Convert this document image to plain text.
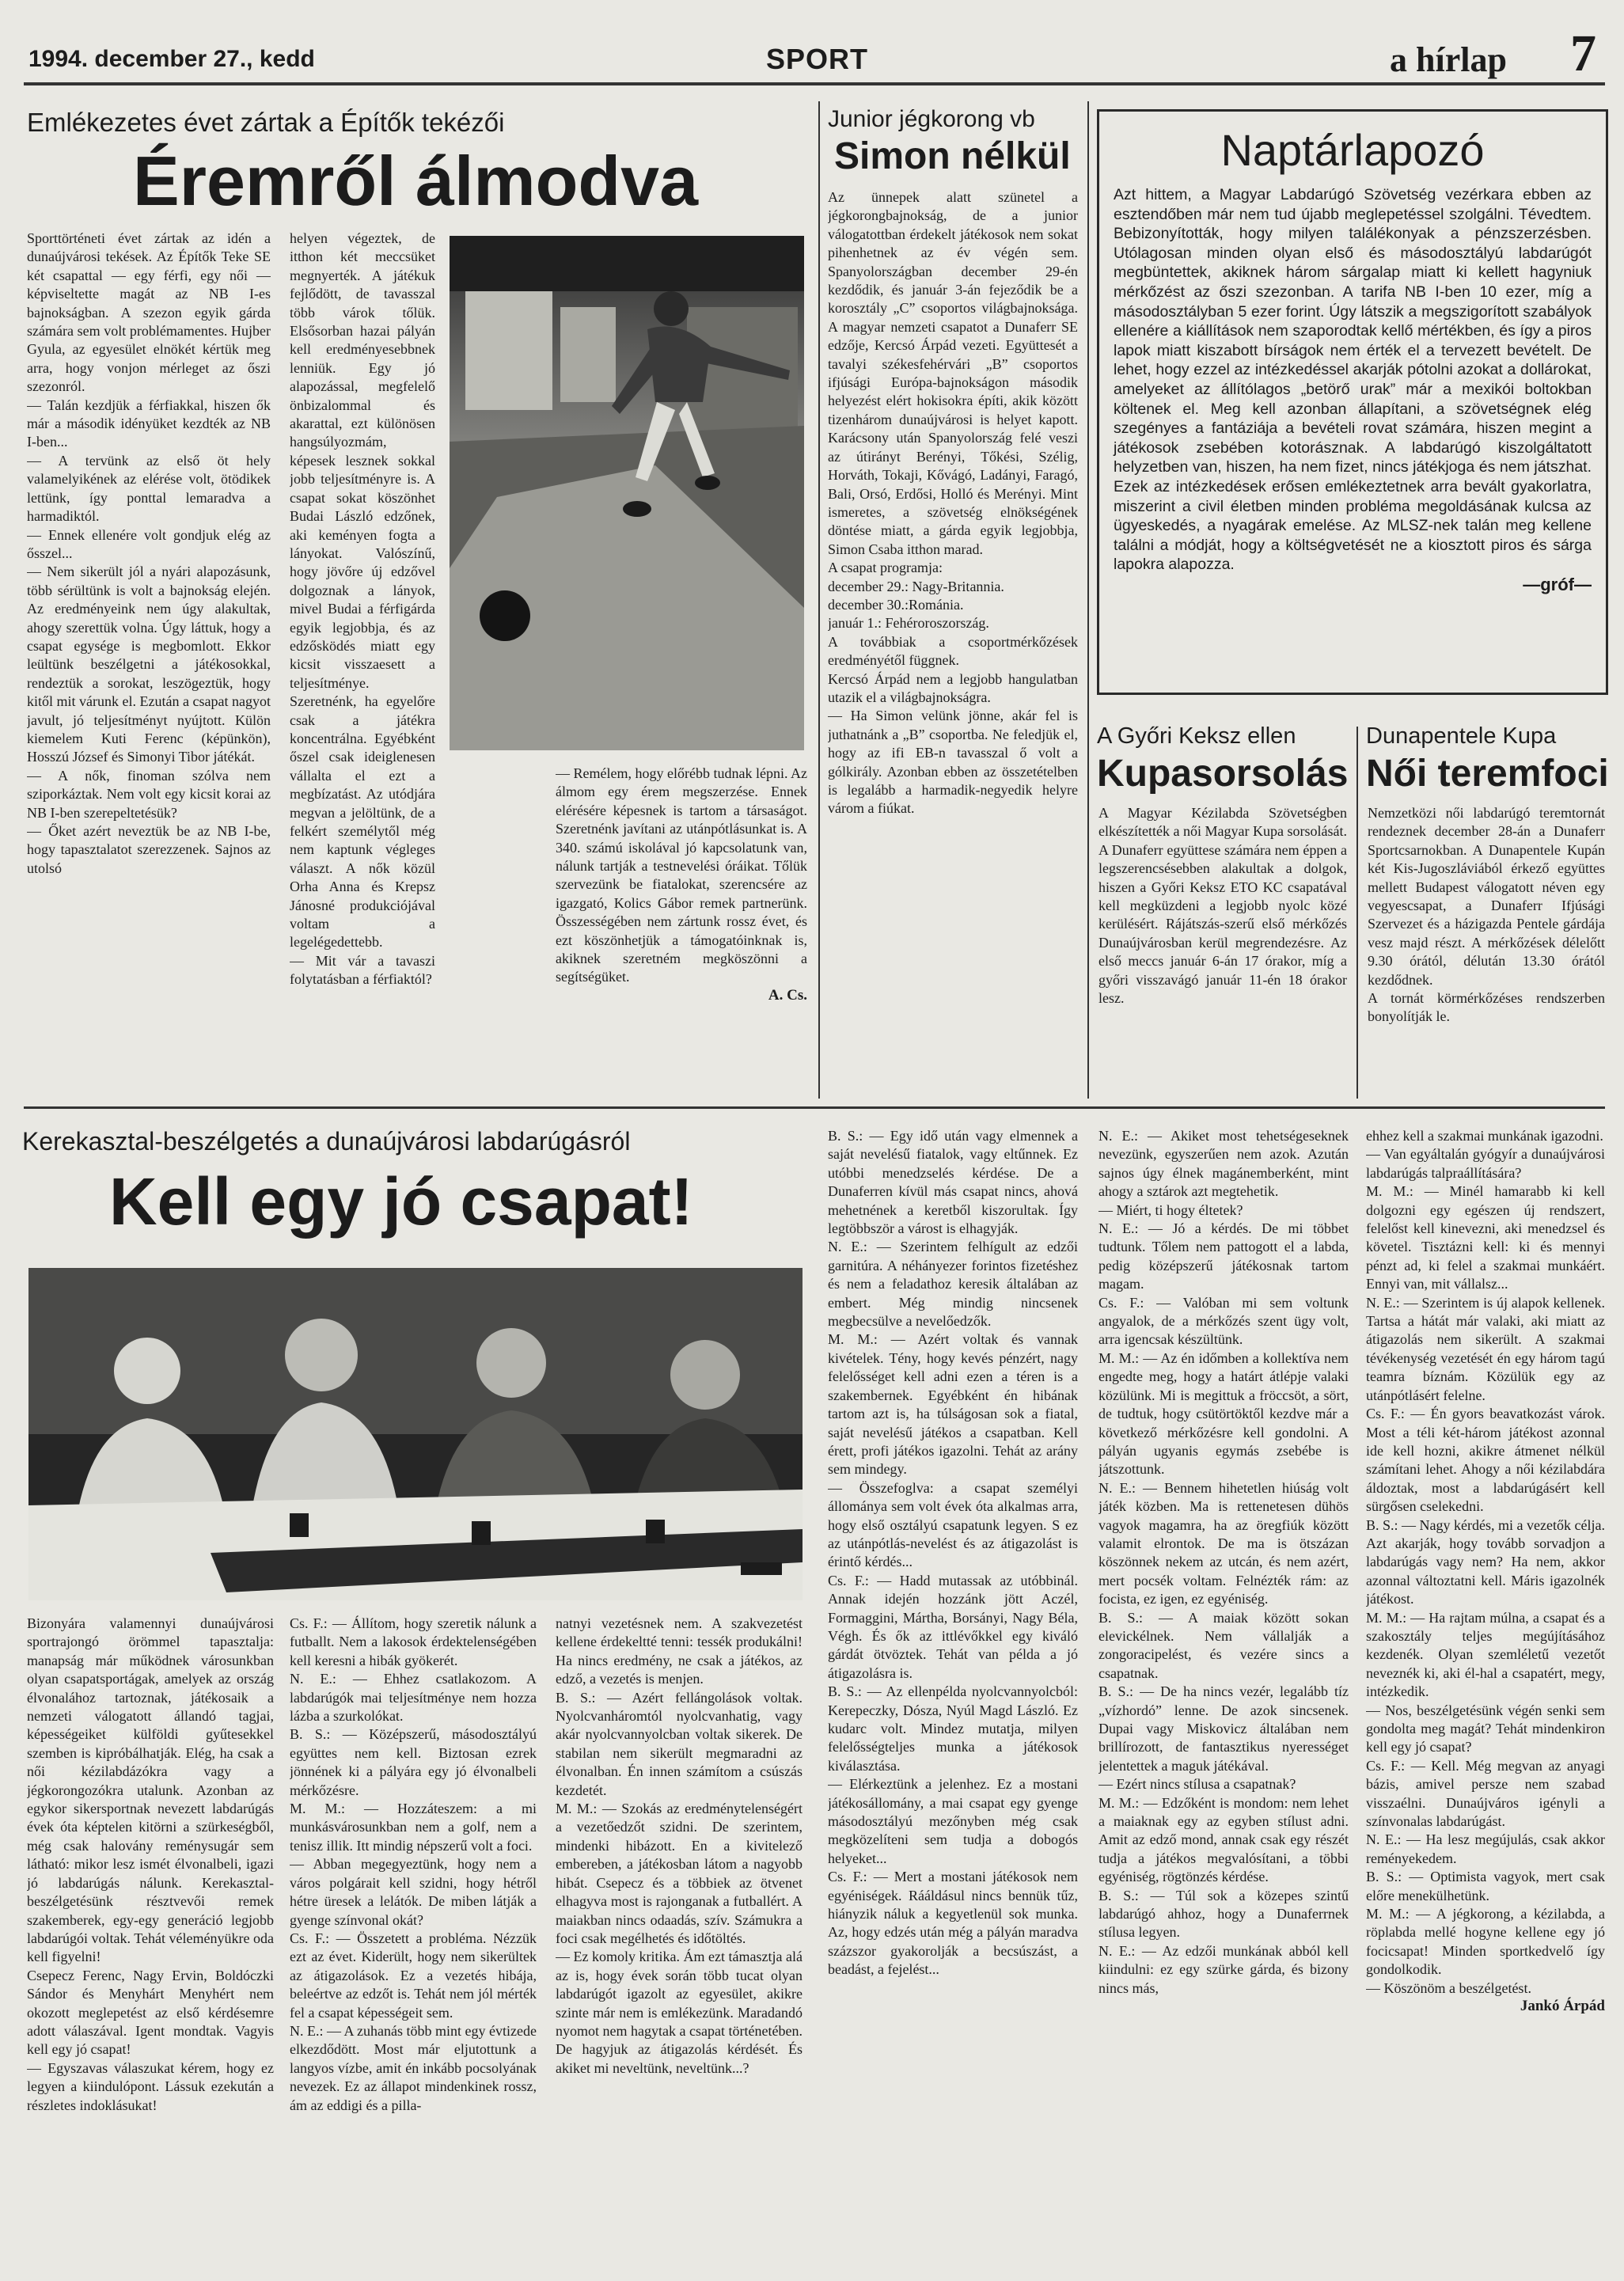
1994. december 27., kedd	SPORT	a hírlap 7
Emlékezetes évet zártak a Építők tekézői
Éremről álmodva

Sporttörténeti évet zártak az idén a dunaújvárosi tekések. Az Építők Teke SE két csapattal — egy férfi, egy női — képviseltette magát az NB I-es bajnokságban. A szezon egyik gárda számára sem volt problémamentes. Hujber Gyula, az egyesület elnökét kértük meg arra, hogy vonjon mérleget az őszi szezonról.
— Talán kezdjük a férfiakkal, hiszen ők már a második idényüket kezdték az NB I-ben...
— A tervünk az első öt hely valamelyikének az elérése volt, ötödikek lettünk, így ponttal lemaradva a harmadiktól.
— Ennek ellenére volt gondjuk elég az ősszel...
— Nem sikerült jól a nyári alapozásunk, több sérültünk is volt a bajnokság elején. Az eredményeink nem úgy alakultak, ahogy szerettük volna. Úgy láttuk, hogy a csapat egysége is megbomlott. Ekkor leültünk beszélgetni a játékosokkal, rendeztük a sorokat, leszögeztük, hogy kitől mit várunk el. Ezután a csapat nagyot javult, jó teljesítményt nyújtott. Külön kiemelem Kuti Ferenc (képünkön), Hosszú József és Simonyi Tibor játékát.
— A nők, finoman szólva nem sziporkáztak. Nem volt egy kicsit korai az NB I-ben szerepeltetésük?
— Őket azért neveztük be az NB I-be, hogy tapasztalatot szerezzenek. Sajnos az utolsó

helyen végeztek, de itthon két meccsüket megnyerték. A játékuk fejlődött, de tavasszal több várok tőlük. Elsősorban hazai pályán kell eredményesebbnek lenniük. Egy jó alapozással, megfelelő önbizalommal és akarattal, ezt különösen hangsúlyozmám, képesek lesznek sokkal jobb teljesítményre is. A csapat sokat köszönhet Budai László edzőnek, aki keményen fogta a lányokat. Valószínű, hogy jövőre új edzővel dolgoznak a lányok, mivel Budai a férfigárda egyik legjobbja, és az edzősködés miatt egy kicsit visszaesett a teljesítménye. Szeretnénk, ha egyelőre csak a játékra koncentrálna. Egyébként őszel csak ideiglenesen vállalta el ezt a megbízatást. Az utódjára megvan a jelöltünk, de a felkért személytől még nem kaptunk végleges választ. A nők közül Orha Anna és Krepsz Jánosné produkciójával voltam a legelégedettebb.
— Mit vár a tavaszi folytatásban a férfiaktól?

— Remélem, hogy előrébb tudnak lépni. Az álmom egy érem megszerzése. Ennek elérésére képesnek is tartom a társaságot. Szeretnénk javítani az utánpótlásunkat is. A 340. számú iskolával jó kapcsolatunk van, nálunk tartják a testnevelési óráikat. Tőlük szervezünk be fiatalokat, szerencsére az igazgató, Kolics Gábor remek partnerünk. Összességében nem zártunk rossz évet, és ezt köszönhetjük a támogatóinknak is, akiknek szeretném megköszönni a segítségüket.

A. Cs.
Junior jégkorong vb
Simon nélkül

Az ünnepek alatt szünetel a jégkorongbajnokság, de a junior válogatottban érdekelt játékosok nem sokat pihenhetnek az év végén sem. Spanyolországban december 29-én kezdődik, és január 3-án fejeződik be a korosztály „C” csoportos világbajnoksága. A magyar nemzeti csapatot a Dunaferr SE edzője, Kercsó Árpád vezeti. Együttesét a tavalyi székesfehérvári „B” csoportos ifjúsági Európa-bajnokságon második helyezést elért hokisokra építi, akik között tizenhárom dunaújvárosi is helyet kapott. Karácsony után Spanyolország felé veszi az útirányt Berényi, Tőkési, Szélig, Horváth, Tokaji, Kővágó, Ladányi, Faragó, Bali, Orsó, Erdősi, Holló és Merényi. Mint ismeretes, a szövetség elnökségének döntése miatt, a gárda egyik legjobbja, Simon Csaba itthon marad.
A csapat programja:
december 29.: Nagy-Britannia.
december 30.:Románia.
január 1.: Fehéroroszország.
A továbbiak a csoportmérkőzések eredményétől függnek.
Kercsó Árpád nem a legjobb hangulatban utazik el a világbajnokságra.
— Ha Simon velünk jönne, akár fel is juthatnánk a „B” csoportba. Ne feledjük el, hogy az ifi EB-n tavasszal ő volt a gólkirály. Azonban ebben az összetételben is legalább a harmadik-negyedik helyre várom a fiúkat.

Naptárlapozó

Azt hittem, a Magyar Labdarúgó Szövetség vezérkara ebben az esztendőben már nem tud újabb meglepetéssel szolgálni. Tévedtem. Bebizonyították, hogy milyen találékonyak a pénzszerzésben. Utólagosan minden olyan első és másodosztályú labdarúgót megbüntettek, akiknek három sárgalap miatt ki kellett hagyniuk mérkőzést az őszi szezonban. A tarifa NB I-ben 10 ezer, míg a másodosztályban 5 ezer forint. Úgy látszik a megszigorított szabályok ellenére a kiállítások nem szaporodtak kellő mértékben, és így a piros lapok miatt kiszabott bírságok nem érték el a tervezett bevételt. De lehet, hogy ezzel az intézkedéssel akarják pótolni azokat a dollárokat, amelyeket az állítólagos „betörő urak” már a mexikói boltokban költenek el. Meg kell azonban állapítani, a szövetségnek elég szegényes a fantáziája a bevételi rovat számára, hiszen megint a játékosok zsebében kotorásznak. A labdarúgó kiszolgáltatott helyzetben van, hiszen, ha nem fizet, nincs játékjoga és nem játszhat. Ezek az intézkedések erősen emlékeztetnek arra bevált gyakorlatra, miszerint a civil életben minden probléma megoldásának kulcsa az ügyeskedés, a nyagárak emelése. Az MLSZ-nek talán meg kellene találni a módját, hogy a költségvetését ne a kiosztott piros és sárga lapokra alapozza.

—gróf—
A Győri Keksz ellen
Kupasorsolás

A Magyar Kézilabda Szövetségben elkészítették a női Magyar Kupa sorsolását. A Dunaferr együttese számára nem éppen a legszerencsésebben alakultak a dolgok, hiszen a Győri Keksz ETO KC csapatával kell megküzdeni a legjobb nyolc közé kerülésért. Rájátszás-szerű első mérkőzés Dunaújvárosban kerül megrendezésre. Az első meccs január 6-án 17 órakor, míg a győri visszavágó január 11-én 18 órakor lesz.

Dunapentele Kupa
Női teremfoci

Nemzetközi női labdarúgó teremtornát rendeznek december 28-án a Dunaferr Sportcsarnokban. A Dunapentele Kupán két Kis-Jugoszláviából érkező együttes mellett Budapest válogatott néven egy vegyescsapat, a Dunaferr Ifjúsági Szervezet és a házigazda Pentele gárdája vesz majd részt. A mérkőzések délelőtt 9.30 órától, délután 13.30 órától kezdődnek.
A tornát körmérkőzéses rendszerben bonyolítják le.

Kerekasztal-beszélgetés a dunaújvárosi labdarúgásról
Kell egy jó csapat!

Bizonyára valamennyi dunaújvárosi sportrajongó örömmel tapasztalja: manapság már működnek városunkban olyan csapatsportágak, amelyek az ország élvonalához tartoznak, játékosaik a nemzeti válogatott állandó tagjai, képességeiket külföldi gyűtesekkel szemben is kipróbálhatják. Elég, ha csak a női kézilabdázókra vagy a jégkorongozókra utalunk. Azonban az egykor sikersportnak nevezett labdarúgás évek óta képtelen kitörni a szürkeségből, még csak halovány reménysugár sem látható: mikor lesz ismét élvonalbeli, igazi jó labdarúgás nálunk. Kerekasztal-beszélgetésünk résztvevői remek szakemberek, egy-egy generáció legjobb labdarúgói voltak. Tehát véleményükre oda kell figyelni!
Csepecz Ferenc, Nagy Ervin, Boldóczki Sándor és Menyhárt Menyhért nem okozott meglepetést az első kérdésemre adott válaszával. Igent mondtak. Vagyis kell egy jó csapat!
— Egyszavas válaszukat kérem, hogy ez legyen a kiindulópont. Lássuk ezekután a részletes indoklásukat!

Cs. F.: — Állítom, hogy szeretik nálunk a futballt. Nem a lakosok érdektelenségében kell keresni a hibák gyökerét.
N. E.: — Ehhez csatlakozom. A labdarúgók mai teljesítménye nem hozza lázba a szurkolókat.
B. S.: — Középszerű, másodosztályú együttes nem kell. Biztosan ezrek jönnének ki a pályára egy jó élvonalbeli mérkőzésre.
M. M.: — Hozzáteszem: a mi munkásvárosunkban nem a golf, nem a tenisz illik. Itt mindig népszerű volt a foci.
— Abban megegyeztünk, hogy nem a város polgárait kell szidni, hogy hétről hétre üresek a lelátók. De miben látják a gyenge színvonal okát?
Cs. F.: — Összetett a probléma. Nézzük ezt az évet. Kiderült, hogy nem sikerültek az átigazolások. Ez a vezetés hibája, beleértve az edzőt is. Tehát nem jól mérték fel a csapat képességeit sem.
N. E.: — A zuhanás több mint egy évtizede elkezdődött. Most már eljutottunk a langyos vízbe, amit én inkább pocsolyának nevezek. Ez az állapot mindenkinek rossz, ám az eddigi és a pilla-

natnyi vezetésnek nem. A szakvezetést kellene érdekeltté tenni: tessék produkálni! Ha nincs eredmény, ne csak a játékos, az edző, a vezetés is menjen.
B. S.: — Azért fellángolások voltak. Nyolcvanháromtól nyolcvanhatig, vagy akár nyolcvannyolcban voltak sikerek. De stabilan nem sikerült megmaradni az élvonalban. Én innen számítom a csúszás kezdetét.
M. M.: — Szokás az eredménytelenségért a vezetőedzőt szidni. De szerintem, mindenki hibázott. En a kivitelező embereben, a játékosban látom a nagyobb hibát. Csepecz és a többiek az ötvenet elhagyva most is rajonganak a futballért. A maiakban nincs odaadás, szív. Számukra a foci csak megélhetés és időtöltés.
— Ez komoly kritika. Ám ezt támasztja alá az is, hogy évek során több tucat olyan labdarúgót igazolt az egyesület, akikre szinte már nem is emlékezünk. Maradandó nyomot nem hagytak a csapat történetében. De hagyjuk az átigazolás kérdését. És akiket mi neveltünk, neveltünk...?

B. S.: — Egy idő után vagy elmennek a saját nevelésű fiatalok, vagy eltűnnek. Ez utóbbi menedzselés kérdése. De a Dunaferren kívül más csapat nincs, ahová mehetnének a keretből kiszorultak. Így legtöbbször a várost is elhagyják.
N. E.: — Szerintem felhígult az edzői garnitúra. A néhányezer forintos fizetéshez és nem a feladathoz keresik általában az embert. Még mindig nincsenek megbecsülve a nevelőedzők.
M. M.: — Azért voltak és vannak kivételek. Tény, hogy kevés pénzért, nagy felelősséget kell adni ezen a téren is a szakembernek. Egyébként én hibának tartom azt is, ha túlságosan sok a fiatal, saját nevelésű játékos a csapatban. Kell érett, profi játékos igazolni. Tehát az arány sem mindegy.
— Összefoglva: a csapat személyi állománya sem volt évek óta alkalmas arra, hogy első osztályú csapatunk legyen. S ez az utánpótlás-nevelést és az átigazolást is érintő kérdés...
Cs. F.: — Hadd mutassak az utóbbinál. Annak idején hozzánk jött Aczél, Formaggini, Mártha, Borsányi, Nagy Béla, Végh. És ők az ittlévőkkel egy kiváló gárdát ötvöztek. Tehát van példa a jó átigazolásra is.
B. S.: — Az ellenpélda nyolcvannyolcból: Kerepeczky, Dósza, Nyúl Magd László. Ez kudarc volt. Mindez mutatja, milyen felelősségteljes munka a játékosok kiválasztása.
— Elérkeztünk a jelenhez. Ez a mostani játékosállomány, a mai csapat egy gyenge másodosztályú mezőnyben még csak megközelíteni sem tudja a dobogós helyeket...
Cs. F.: — Mert a mostani játékosok nem egyéniségek. Rááldásul nincs bennük tűz, hiányzik náluk a kegyetlenül sok munka. Az, hogy edzés után még a pályán maradva százszor gyakorolják a becsúszást, a beadást, a fejelést...

N. E.: — Akiket most tehetségeseknek nevezünk, egyszerűen nem azok. Azután sajnos úgy élnek magánemberként, mint ahogy a sztárok azt megtehetik.
— Miért, ti hogy éltetek?
N. E.: — Jó a kérdés. De mi többet tudtunk. Tőlem nem pattogott el a labda, pedig középszerű játékosnak tartom magam.
Cs. F.: — Valóban mi sem voltunk angyalok, de a mérkőzés szent ügy volt, arra igencsak készültünk.
M. M.: — Az én időmben a kollektíva nem engedte meg, hogy a határt átlépje valaki közülünk. Mi is megittuk a fröccsöt, a sört, de tudtuk, hogy csütörtöktől kezdve már a következő mérkőzésre kell gondolni. A pályán ugyanis egymás zsebébe is játszottunk.
N. E.: — Bennem hihetetlen hiúság volt játék közben. Ma is rettenetesen dühös vagyok magamra, ha az öregfiúk között valamit elrontok. De ma is ötszázan köszönnek nekem az utcán, és nem azért, mert pocsék voltam. Felnézték rám: az focista, ez igen, ez egyéniség.
B. S.: — A maiak között sokan elevickélnek. Nem vállalják a zongoracipelést, és vezére sincs a csapatnak.
B. S.: — De ha nincs vezér, legalább tíz „vízhordó” lenne. De azok sincsenek. Dupai vagy Miskovicz általában nem brillírozott, de fantasztikus nyerességet jelentettek a maguk játékával.
— Ezért nincs stílusa a csapatnak?
M. M.: — Edzőként is mondom: nem lehet a maiaknak egy az egyben stílust adni. Amit az edző mond, annak csak egy részét tudja a játékos megvalósítani, a többi egyéniség, rögtönzés kérdése.
B. S.: — Túl sok a közepes szintű labdarúgó ahhoz, hogy a Dunaferrnek stílusa legyen.
N. E.: — Az edzői munkának abból kell kiindulni: ez egy szürke gárda, és bizony nincs más,

ehhez kell a szakmai munkának igazodni.
— Van egyáltalán gyógyír a dunaújvárosi labdarúgás talpraállítására?
M. M.: — Minél hamarabb ki kell dolgozni egy egészen új rendszert, felelőst kell kinevezni, aki menedzsel és követel. Tisztázni kell: ki és mennyi pénzt ad, ki felel a szakmai munkáért. Ennyi van, mit vállalsz...
N. E.: — Szerintem is új alapok kellenek. Tartsa a hátát már valaki, aki miatt az átigazolás nem sikerült. A szakmai tévékenység vezetését én egy három tagú teamra bíznám. Közülük egy az utánpótlásért felelne.
Cs. F.: — Én gyors beavatkozást várok. Most a téli két-három játékost azonnal ide kell hozni, akikre átmenet nélkül számítani lehet. Ahogy a női kézilabdára áldoztak, most a labdarúgásért kell sürgősen cselekedni.
B. S.: — Nagy kérdés, mi a vezetők célja. Azt akarják, hogy tovább sorvadjon a labdarúgás vagy nem? Ha nem, akkor azonnal változtatni kell. Máris igazolnék játékost.
M. M.: — Ha rajtam múlna, a csapat és a szakosztály teljes megújításához kezdenék. Olyan szemléletű vezetőt neveznék ki, aki él-hal a csapatért, megy, intézkedik.
— Nos, beszélgetésünk végén senki sem gondolta meg magát? Tehát mindenkiron kell egy jó csapat?
Cs. F.: — Kell. Még megvan az anyagi bázis, amivel persze nem szabad visszaélni. Dunaújváros igényli a színvonalas labdarúgást.
N. E.: — Ha lesz megújulás, csak akkor reményekedem.
B. S.: — Optimista vagyok, mert csak előre menekülhetünk.
M. M.: — A jégkorong, a kézilabda, a röplabda mellé hogyne kellene egy jó focicsapat! Minden sportkedvelő így gondolkodik.
— Köszönöm a beszélgetést.

Jankó Árpád
